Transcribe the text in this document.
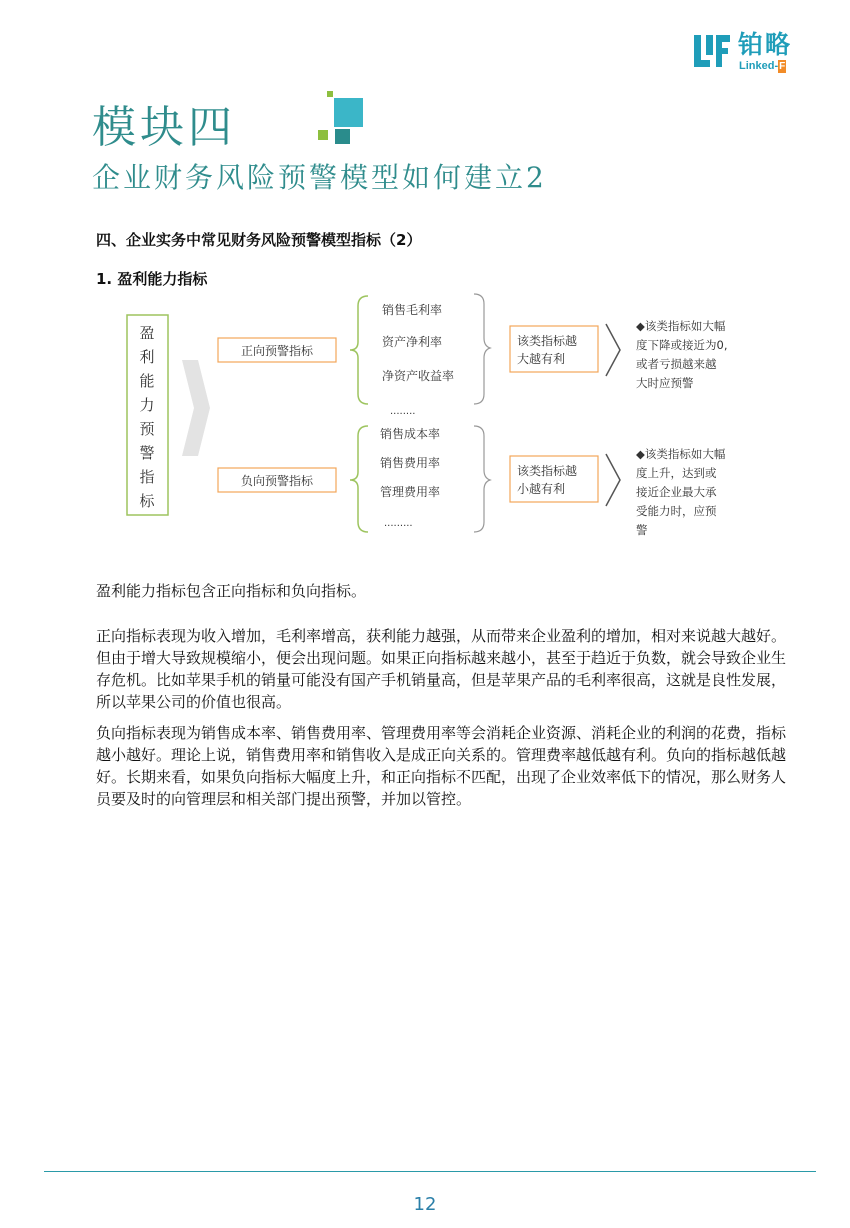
铂略
Linked-F
模块四
企业财务风险预警模型如何建立2
四、企业实务中常见财务风险预警模型指标（2）
1. 盈利能力指标
盈
利
能
力
预
警
指
标
正向预警指标
销售毛利率
资产净利率
净资产收益率
........
该类指标越
大越有利
◆该类指标如大幅
度下降或接近为0,
或者亏损越来越
大时应预警
负向预警指标
销售成本率
销售费用率
管理费用率
.........
该类指标越
小越有利
◆该类指标如大幅
度上升，达到或
接近企业最大承
受能力时，应预
警
盈利能力指标包含正向指标和负向指标。
正向指标表现为收入增加，毛利率增高，获利能力越强，从而带来企业盈利的增加，相对来说越大越好。但由于增大导致规模缩小，便会出现问题。如果正向指标越来越小，甚至于趋近于负数，就会导致企业生存危机。比如苹果手机的销量可能没有国产手机销量高，但是苹果产品的毛利率很高，这就是良性发展，所以苹果公司的价值也很高。
负向指标表现为销售成本率、销售费用率、管理费用率等会消耗企业资源、消耗企业的利润的花费，指标越小越好。理论上说，销售费用率和销售收入是成正向关系的。管理费率越低越有利。负向的指标越低越好。长期来看，如果负向指标大幅度上升，和正向指标不匹配，出现了企业效率低下的情况，那么财务人员要及时的向管理层和相关部门提出预警，并加以管控。
12
